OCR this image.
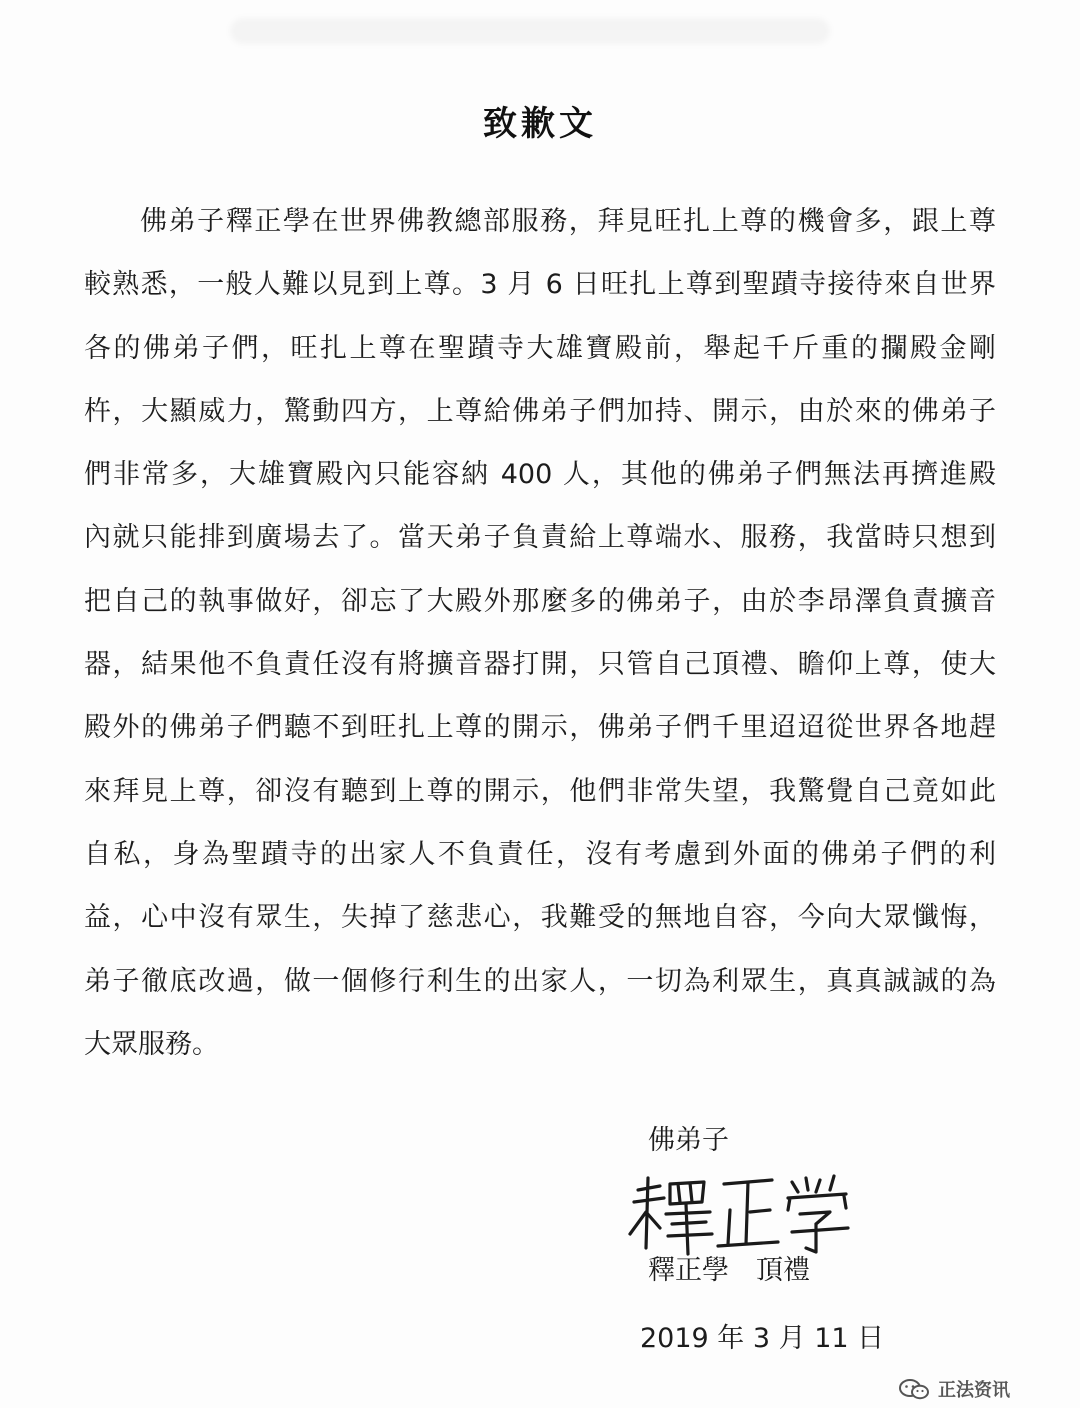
致歉文
佛弟子釋正學在世界佛教總部服務，拜見旺扎上尊的機會多，跟上尊
較熟悉，一般人難以見到上尊。3 月 6 日旺扎上尊到聖蹟寺接待來自世界
各的佛弟子們，旺扎上尊在聖蹟寺大雄寶殿前，舉起千斤重的攔殿金剛
杵，大顯威力，驚動四方，上尊給佛弟子們加持、開示，由於來的佛弟子
們非常多，大雄寶殿內只能容納 400 人，其他的佛弟子們無法再擠進殿
內就只能排到廣場去了。當天弟子負責給上尊端水、服務，我當時只想到
把自己的執事做好，卻忘了大殿外那麼多的佛弟子，由於李昂澤負責擴音
器，結果他不負責任沒有將擴音器打開，只管自己頂禮、瞻仰上尊，使大
殿外的佛弟子們聽不到旺扎上尊的開示，佛弟子們千里迢迢從世界各地趕
來拜見上尊，卻沒有聽到上尊的開示，他們非常失望，我驚覺自己竟如此
自私，身為聖蹟寺的出家人不負責任，沒有考慮到外面的佛弟子們的利
益，心中沒有眾生，失掉了慈悲心，我難受的無地自容，今向大眾懺悔，
弟子徹底改過，做一個修行利生的出家人，一切為利眾生，真真誠誠的為
大眾服務。
佛弟子
釋正學　頂禮
2019 年 3 月 11 日
正法资讯
